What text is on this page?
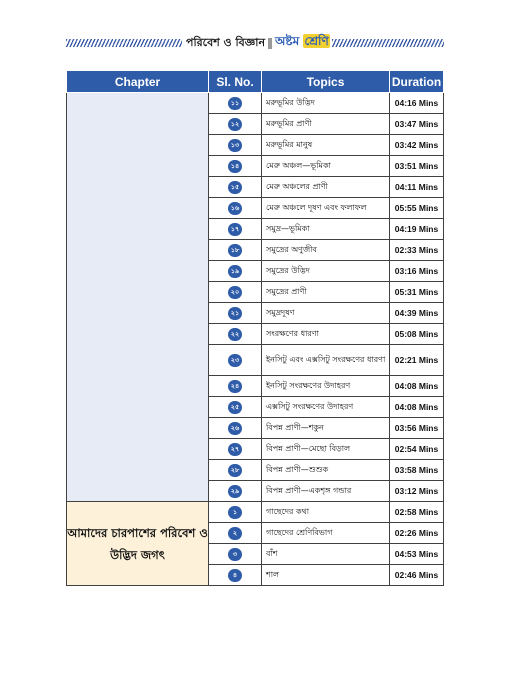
পরিবেশ ও বিজ্ঞান অষ্টম শ্রেণি
Chapter	Sl. No.	Topics	Duration
	১১	মরুভূমির উদ্ভিদ	04:16 Mins
	১২	মরুভূমির প্রাণী	03:47 Mins
	১৩	মরুভূমির মানুষ	03:42 Mins
	১৪	মেরু অঞ্চল—ভূমিকা	03:51 Mins
	১৫	মেরু অঞ্চলের প্রাণী	04:11 Mins
	১৬	মেরু অঞ্চলে দূষণ এবং ফলাফল	05:55 Mins
	১৭	সমুদ্র—ভূমিকা	04:19 Mins
	১৮	সমুদ্রের অণুজীব	02:33 Mins
	১৯	সমুদ্রের উদ্ভিদ	03:16 Mins
	২০	সমুদ্রের প্রাণী	05:31 Mins
	২১	সমুদ্রদূষণ	04:39 Mins
	২২	সংরক্ষণের ধারণা	05:08 Mins
	২৩	ইনসিটু এবং এক্সসিটু সংরক্ষণের ধারণা	02:21 Mins
	২৪	ইনসিটু সংরক্ষণের উদাহরণ	04:08 Mins
	২৫	এক্সসিটু সংরক্ষণের উদাহরণ	04:08 Mins
	২৬	বিপন্ন প্রাণী—শকুন	03:56 Mins
	২৭	বিপন্ন প্রাণী—মেছো বিড়াল	02:54 Mins
	২৮	বিপন্ন প্রাণী—শুশুক	03:58 Mins
	২৯	বিপন্ন প্রাণী—একশৃঙ্গ গন্ডার	03:12 Mins
আমাদের চারপাশের পরিবেশ ও উদ্ভিদ জগৎ	১	গাছেদের কথা	02:58 Mins
	২	গাছেদের শ্রেণিবিভাগ	02:26 Mins
	৩	বাঁশ	04:53 Mins
	৪	শাল	02:46 Mins
